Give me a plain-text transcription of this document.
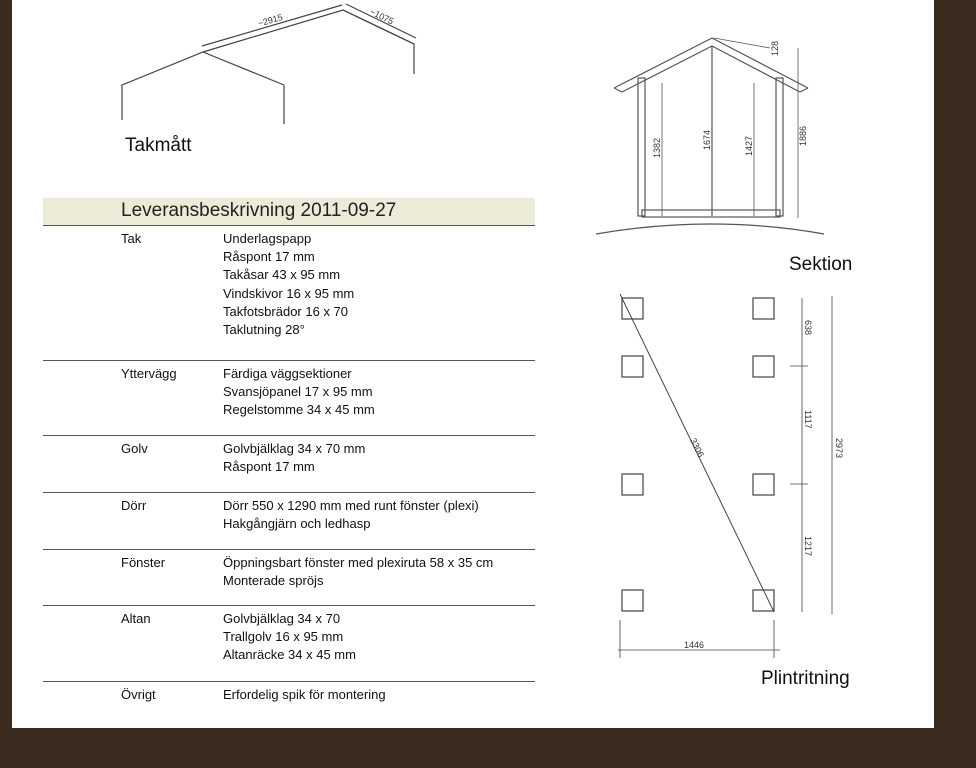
~2915	~1075
Takmått	1382	1674	1427	1886
128
Sektion
638
1117
1217
2973
3306
1446
Plintritning
Leveransbeskrivning 2011-09-27
Tak	Underlagspapp
Råspont 17 mm
Takåsar 43 x 95 mm
Vindskivor 16 x 95 mm
Takfotsbrädor 16 x 70
Taklutning 28°
Yttervägg	Färdiga väggsektioner
Svansjöpanel 17 x 95 mm
Regelstomme 34 x 45 mm
Golv	Golvbjälklag 34 x 70 mm
Råspont 17 mm
Dörr	Dörr 550 x 1290 mm med runt fönster (plexi)
Hakgångjärn och ledhasp
Fönster	Öppningsbart fönster med plexiruta 58 x 35 cm
Monterade spröjs
Altan	Golvbjälklag 34 x 70
Trallgolv 16 x 95 mm
Altanräcke 34 x 45 mm
Övrigt	Erfordelig spik för montering
